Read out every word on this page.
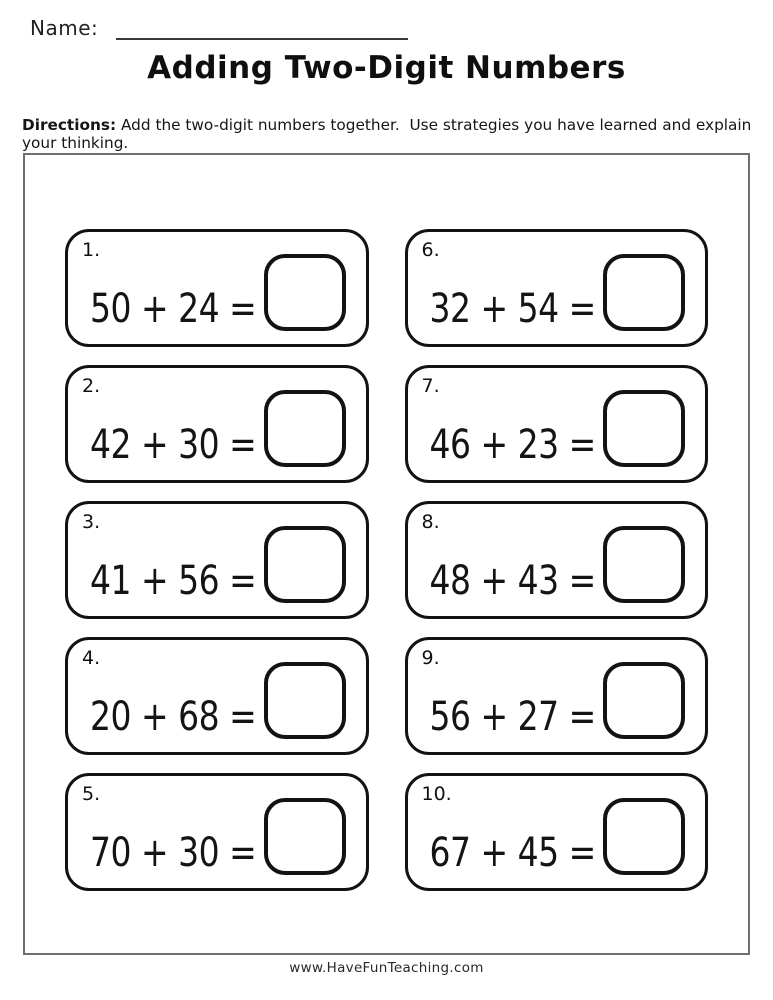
Name:
Adding Two-Digit Numbers
Directions: Add the two-digit numbers together.  Use strategies you have learned and explain your thinking.
1.
50 + 24 =
2.
42 + 30 =
3.
41 + 56 =
4.
20 + 68 =
5.
70 + 30 =
6.
32 + 54 =
7.
46 + 23 =
8.
48 + 43 =
9.
56 + 27 =
10.
67 + 45 =
www.HaveFunTeaching.com
